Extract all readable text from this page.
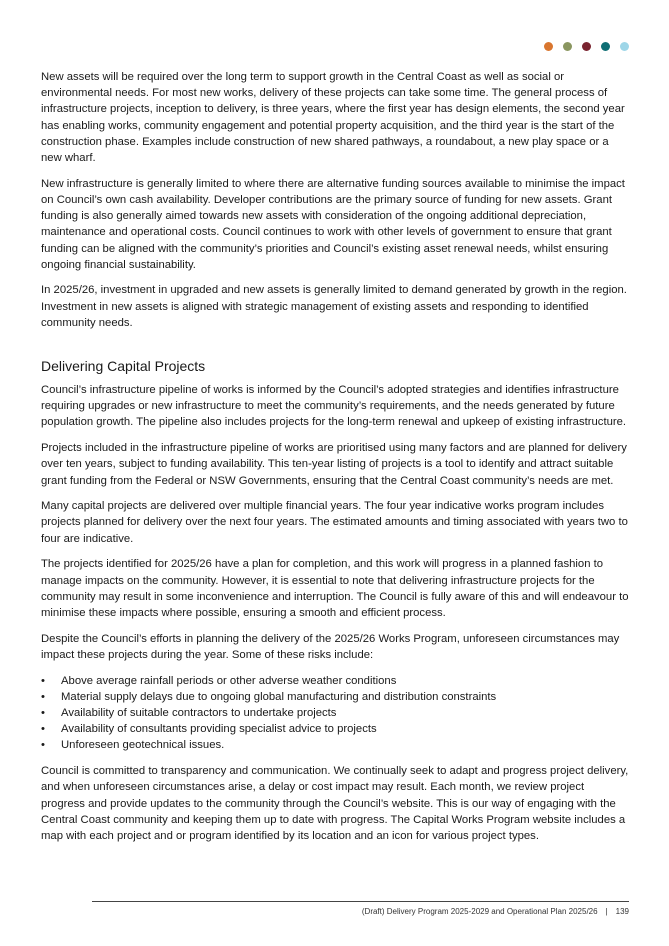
New assets will be required over the long term to support growth in the Central Coast as well as social or environmental needs. For most new works, delivery of these projects can take some time. The general process of infrastructure projects, inception to delivery, is three years, where the first year has design elements, the second year has enabling works, community engagement and potential property acquisition, and the third year is the start of the construction phase. Examples include construction of new shared pathways, a roundabout, a new play space or a new wharf.

New infrastructure is generally limited to where there are alternative funding sources available to minimise the impact on Council’s own cash availability. Developer contributions are the primary source of funding for new assets. Grant funding is also generally aimed towards new assets with consideration of the ongoing additional depreciation, maintenance and operational costs. Council continues to work with other levels of government to ensure that grant funding can be aligned with the community’s priorities and Council’s existing asset renewal needs, whilst ensuring ongoing financial sustainability.

In 2025/26, investment in upgraded and new assets is generally limited to demand generated by growth in the region. Investment in new assets is aligned with strategic management of existing assets and responding to identified community needs.

Delivering Capital Projects

Council’s infrastructure pipeline of works is informed by the Council’s adopted strategies and identifies infrastructure requiring upgrades or new infrastructure to meet the community’s requirements, and the needs generated by future population growth. The pipeline also includes projects for the long-term renewal and upkeep of existing infrastructure.

Projects included in the infrastructure pipeline of works are prioritised using many factors and are planned for delivery over ten years, subject to funding availability. This ten-year listing of projects is a tool to identify and attract suitable grant funding from the Federal or NSW Governments, ensuring that the Central Coast community’s needs are met.

Many capital projects are delivered over multiple financial years. The four year indicative works program includes projects planned for delivery over the next four years. The estimated amounts and timing associated with years two to four are indicative.

The projects identified for 2025/26 have a plan for completion, and this work will progress in a planned fashion to manage impacts on the community. However, it is essential to note that delivering infrastructure projects for the community may result in some inconvenience and interruption. The Council is fully aware of this and will endeavour to minimise these impacts where possible, ensuring a smooth and efficient process.

Despite the Council’s efforts in planning the delivery of the 2025/26 Works Program, unforeseen circumstances may impact these projects during the year. Some of these risks include:

• Above average rainfall periods or other adverse weather conditions
• Material supply delays due to ongoing global manufacturing and distribution constraints
• Availability of suitable contractors to undertake projects
• Availability of consultants providing specialist advice to projects
• Unforeseen geotechnical issues.

Council is committed to transparency and communication. We continually seek to adapt and progress project delivery, and when unforeseen circumstances arise, a delay or cost impact may result. Each month, we review project progress and provide updates to the community through the Council’s website. This is our way of engaging with the Central Coast community and keeping them up to date with progress. The Capital Works Program website includes a map with each project and or program identified by its location and an icon for various project types.

(Draft) Delivery Program 2025-2029 and Operational Plan 2025/26 | 139
